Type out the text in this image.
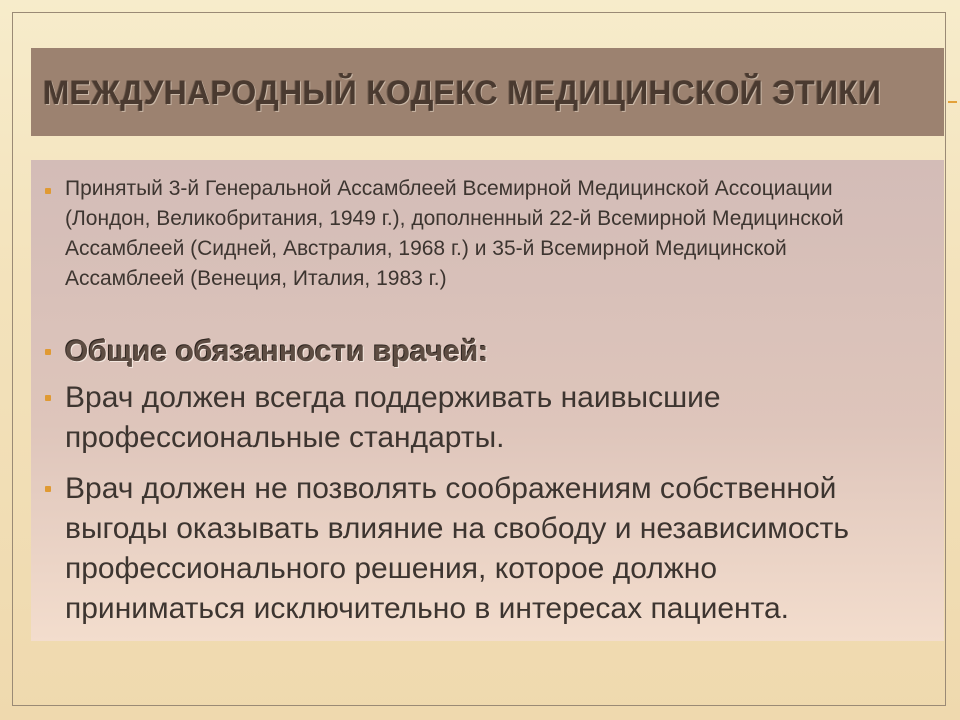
МЕЖДУНАРОДНЫЙ КОДЕКС МЕДИЦИНСКОЙ ЭТИКИ

Принятый 3-й Генеральной Ассамблеей Всемирной Медицинской Ассоциации
(Лондон, Великобритания, 1949 г.), дополненный 22-й Всемирной Медицинской
Ассамблеей (Сидней, Австралия, 1968 г.) и 35-й Всемирной Медицинской
Ассамблеей (Венеция, Италия, 1983 г.)

Общие обязанности врачей:

Врач должен всегда поддерживать наивысшие
профессиональные стандарты.

Врач должен не позволять соображениям собственной
выгоды оказывать влияние на свободу и независимость
профессионального решения, которое должно
приниматься исключительно в интересах пациента.
